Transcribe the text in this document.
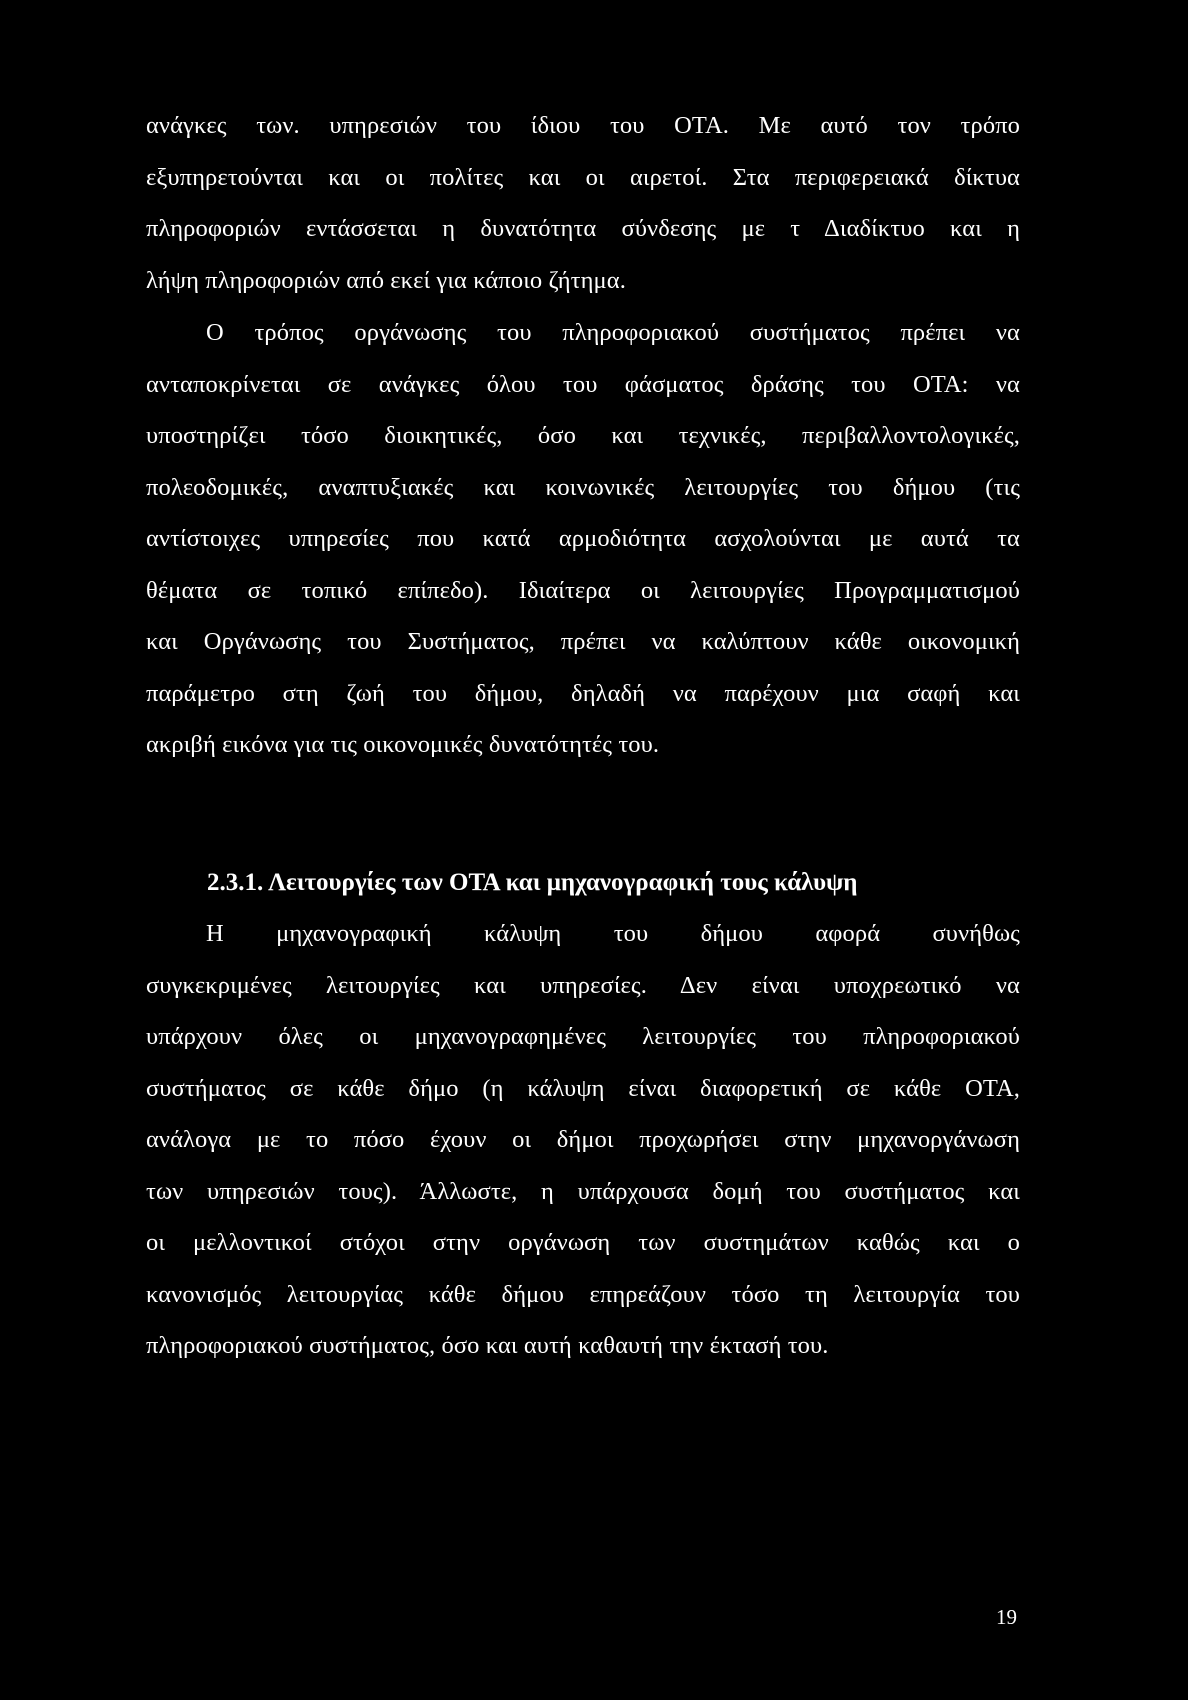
ανάγκες των. υπηρεσιών του ίδιου του ΟΤΑ. Με αυτό τον τρόπο
εξυπηρετούνται και οι πολίτες και οι αιρετοί. Στα περιφερειακά δίκτυα
πληροφοριών εντάσσεται η δυνατότητα σύνδεσης με τ Διαδίκτυο και η
λήψη πληροφοριών από εκεί για κάποιο ζήτημα.
Ο τρόπος οργάνωσης του πληροφοριακού συστήματος πρέπει να
ανταποκρίνεται σε ανάγκες όλου του φάσματος δράσης του ΟΤΑ: να
υποστηρίζει τόσο διοικητικές, όσο και τεχνικές, περιβαλλοντολογικές,
πολεοδομικές, αναπτυξιακές και κοινωνικές λειτουργίες του δήμου (τις
αντίστοιχες υπηρεσίες που κατά αρμοδιότητα ασχολούνται με αυτά τα
θέματα σε τοπικό επίπεδο). Ιδιαίτερα οι λειτουργίες Προγραμματισμού
και Οργάνωσης του Συστήματος, πρέπει να καλύπτουν κάθε οικονομική
παράμετρο στη ζωή του δήμου, δηλαδή να παρέχουν μια σαφή και
ακριβή εικόνα για τις οικονομικές δυνατότητές του.
2.3.1. Λειτουργίες των ΟΤΑ και μηχανογραφική τους κάλυψη
Η μηχανογραφική κάλυψη του δήμου αφορά συνήθως
συγκεκριμένες λειτουργίες και υπηρεσίες. Δεν είναι υποχρεωτικό να
υπάρχουν όλες οι μηχανογραφημένες λειτουργίες του πληροφοριακού
συστήματος σε κάθε δήμο (η κάλυψη είναι διαφορετική σε κάθε ΟΤΑ,
ανάλογα με το πόσο έχουν οι δήμοι προχωρήσει στην μηχανοργάνωση
των υπηρεσιών τους). Άλλωστε, η υπάρχουσα δομή του συστήματος και
οι μελλοντικοί στόχοι στην οργάνωση των συστημάτων καθώς και ο
κανονισμός λειτουργίας κάθε δήμου επηρεάζουν τόσο τη λειτουργία του
πληροφοριακού συστήματος, όσο και αυτή καθαυτή την έκτασή του.
19
